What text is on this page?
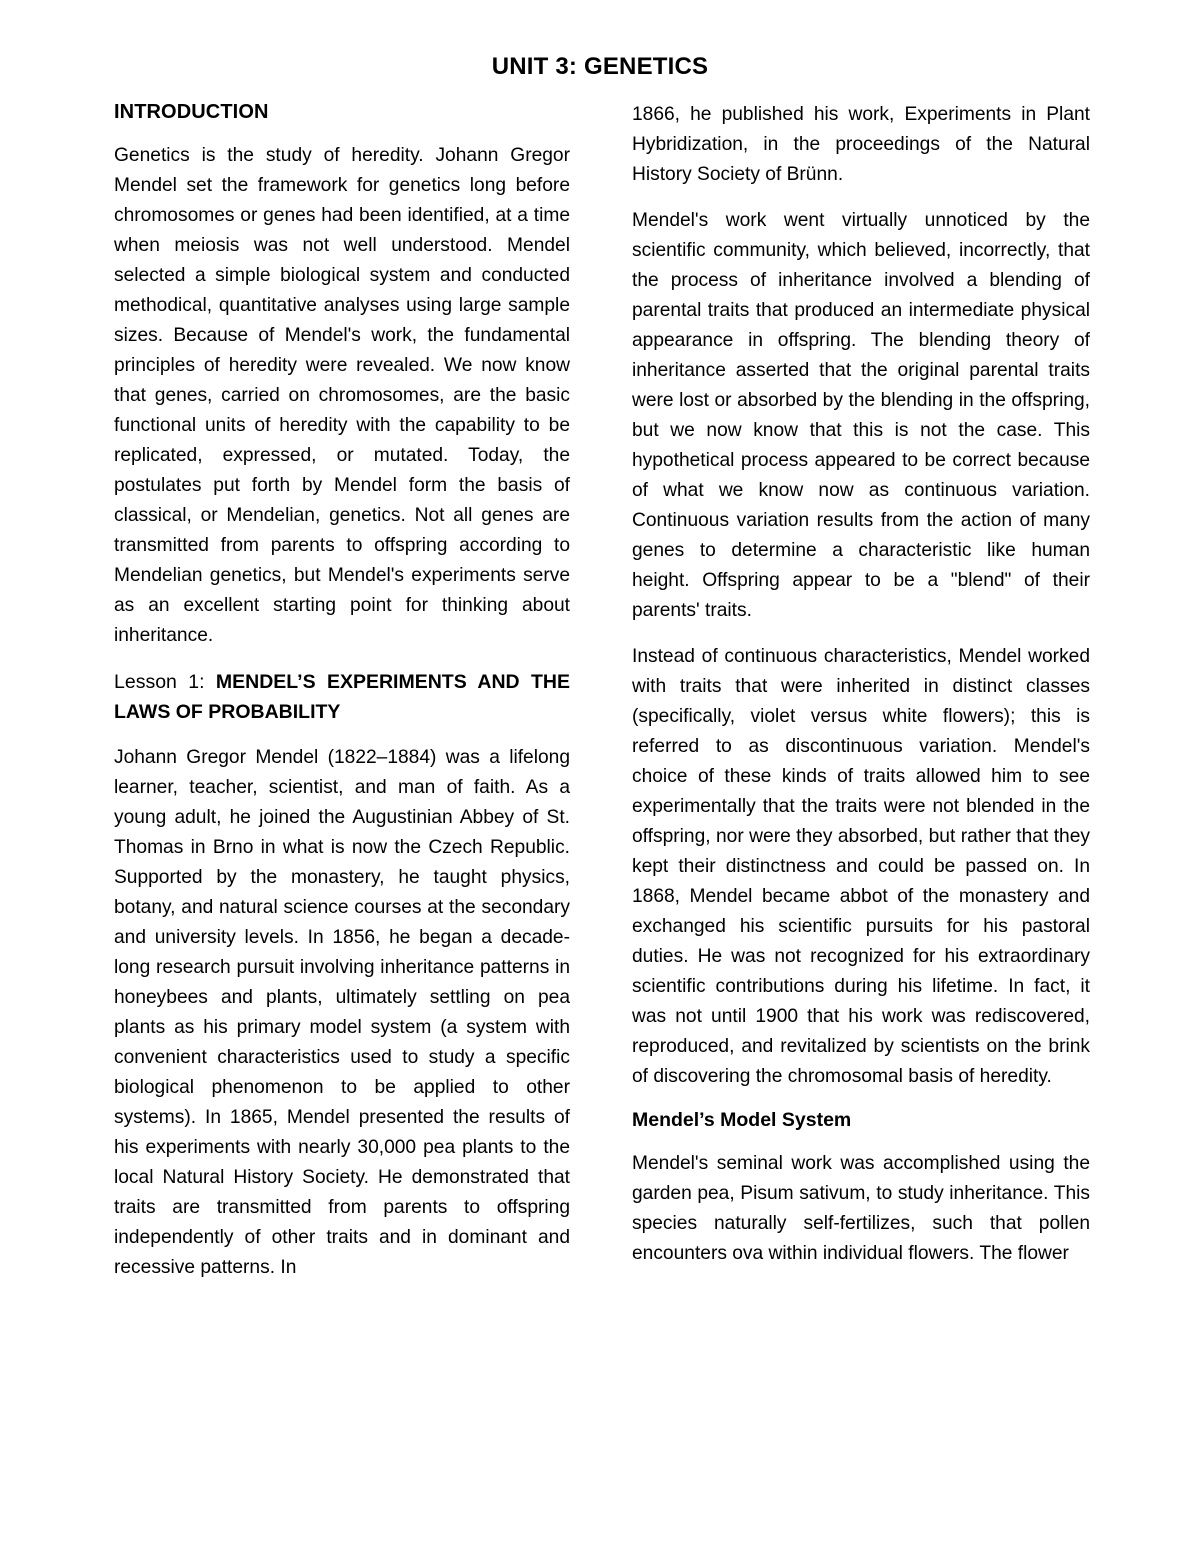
UNIT 3: GENETICS
INTRODUCTION

Genetics is the study of heredity. Johann Gregor Mendel set the framework for genetics long before chromosomes or genes had been identified, at a time when meiosis was not well understood. Mendel selected a simple biological system and conducted methodical, quantitative analyses using large sample sizes. Because of Mendel's work, the fundamental principles of heredity were revealed. We now know that genes, carried on chromosomes, are the basic functional units of heredity with the capability to be replicated, expressed, or mutated. Today, the postulates put forth by Mendel form the basis of classical, or Mendelian, genetics. Not all genes are transmitted from parents to offspring according to Mendelian genetics, but Mendel's experiments serve as an excellent starting point for thinking about inheritance.

Lesson 1: MENDEL’S EXPERIMENTS AND THE LAWS OF PROBABILITY

Johann Gregor Mendel (1822–1884) was a lifelong learner, teacher, scientist, and man of faith. As a young adult, he joined the Augustinian Abbey of St. Thomas in Brno in what is now the Czech Republic. Supported by the monastery, he taught physics, botany, and natural science courses at the secondary and university levels. In 1856, he began a decade-long research pursuit involving inheritance patterns in honeybees and plants, ultimately settling on pea plants as his primary model system (a system with convenient characteristics used to study a specific biological phenomenon to be applied to other systems). In 1865, Mendel presented the results of his experiments with nearly 30,000 pea plants to the local Natural History Society. He demonstrated that traits are transmitted from parents to offspring independently of other traits and in dominant and recessive patterns. In

1866, he published his work, Experiments in Plant Hybridization, in the proceedings of the Natural History Society of Brünn.

Mendel's work went virtually unnoticed by the scientific community, which believed, incorrectly, that the process of inheritance involved a blending of parental traits that produced an intermediate physical appearance in offspring. The blending theory of inheritance asserted that the original parental traits were lost or absorbed by the blending in the offspring, but we now know that this is not the case. This hypothetical process appeared to be correct because of what we know now as continuous variation. Continuous variation results from the action of many genes to determine a characteristic like human height. Offspring appear to be a "blend" of their parents' traits.

Instead of continuous characteristics, Mendel worked with traits that were inherited in distinct classes (specifically, violet versus white flowers); this is referred to as discontinuous variation. Mendel's choice of these kinds of traits allowed him to see experimentally that the traits were not blended in the offspring, nor were they absorbed, but rather that they kept their distinctness and could be passed on. In 1868, Mendel became abbot of the monastery and exchanged his scientific pursuits for his pastoral duties. He was not recognized for his extraordinary scientific contributions during his lifetime. In fact, it was not until 1900 that his work was rediscovered, reproduced, and revitalized by scientists on the brink of discovering the chromosomal basis of heredity.

Mendel’s Model System

Mendel's seminal work was accomplished using the garden pea, Pisum sativum, to study inheritance. This species naturally self-fertilizes, such that pollen encounters ova within individual flowers. The flower
